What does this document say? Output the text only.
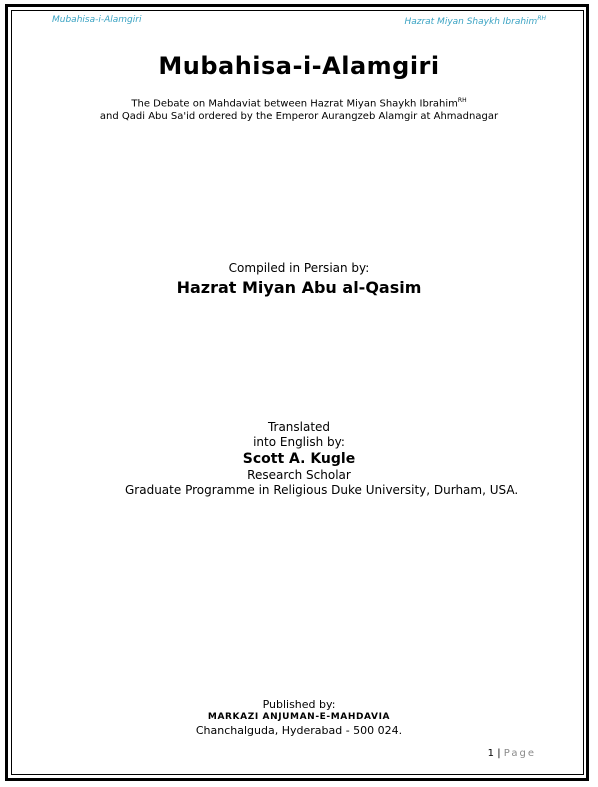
Mubahisa-i-Alamgiri	Hazrat Miyan Shaykh Ibrahim$^{RH}$
Mubahisa-i-Alamgiri
The Debate on Mahdaviat between Hazrat Miyan Shaykh Ibrahim$^{RH}$
and Qadi Abu Sa'id ordered by the Emperor Aurangzeb Alamgir at Ahmadnagar
Compiled in Persian by:
Hazrat Miyan Abu al-Qasim
Translated
into English by:
Scott A. Kugle
Research Scholar
Graduate Programme in Religious Duke University, Durham, USA.
Published by:
MARKAZI ANJUMAN-E-MAHDAVIA
Chanchalguda, Hyderabad - 500 024.
1 | Page
